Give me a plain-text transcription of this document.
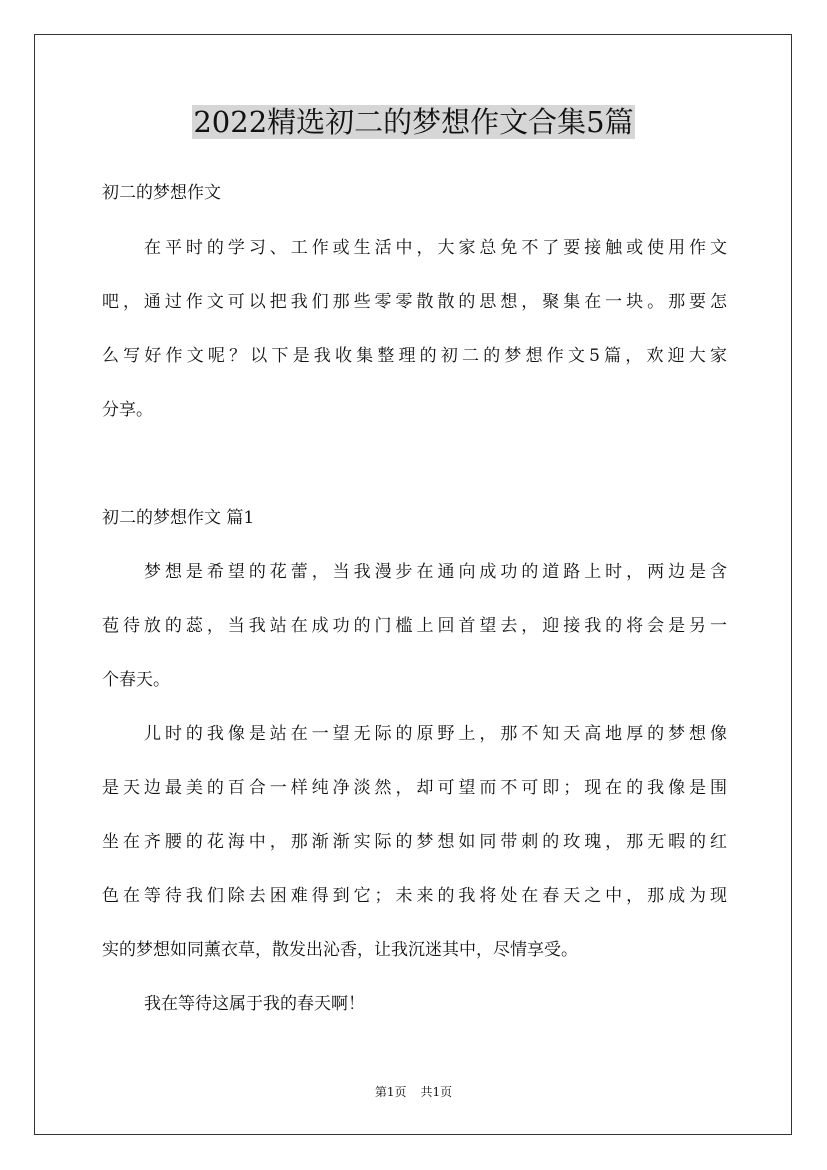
2022精选初二的梦想作文合集5篇

初二的梦想作文

在平时的学习、工作或生活中，大家总免不了要接触或使用作文

吧，通过作文可以把我们那些零零散散的思想，聚集在一块。那要怎

么写好作文呢？以下是我收集整理的初二的梦想作文5篇，欢迎大家

分享。

初二的梦想作文 篇1

梦想是希望的花蕾，当我漫步在通向成功的道路上时，两边是含

苞待放的蕊，当我站在成功的门槛上回首望去，迎接我的将会是另一

个春天。

儿时的我像是站在一望无际的原野上，那不知天高地厚的梦想像

是天边最美的百合一样纯净淡然，却可望而不可即；现在的我像是围

坐在齐腰的花海中，那渐渐实际的梦想如同带刺的玫瑰，那无暇的红

色在等待我们除去困难得到它；未来的我将处在春天之中，那成为现

实的梦想如同薰衣草，散发出沁香，让我沉迷其中，尽情享受。

我在等待这属于我的春天啊！

第1页 共1页
